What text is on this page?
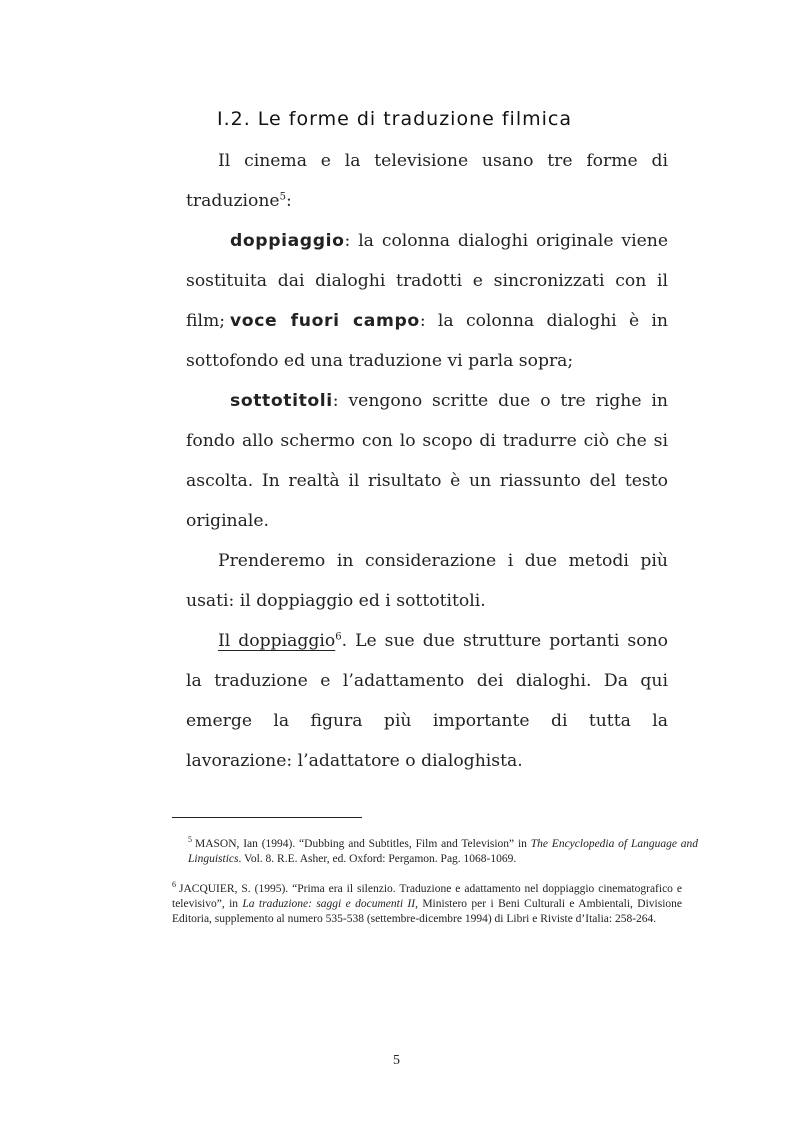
I.2. Le forme di traduzione filmica

Il cinema e la televisione usano tre forme di traduzione$^5$:

doppiaggio: la colonna dialoghi originale viene sostituita dai dialoghi tradotti e sincronizzati con il film; voce fuori campo: la colonna dialoghi è in sottofondo ed una traduzione vi parla sopra;

sottotitoli: vengono scritte due o tre righe in fondo allo schermo con lo scopo di tradurre ciò che si ascolta. In realtà il risultato è un riassunto del testo originale.

Prenderemo in considerazione i due metodi più usati: il doppiaggio ed i sottotitoli.

Il doppiaggio$^6$. Le sue due strutture portanti sono la traduzione e l’adattamento dei dialoghi. Da qui emerge la figura più importante di tutta la lavorazione: l’adattatore o dialoghista.

$^5$ MASON, Ian (1994). “Dubbing and Subtitles, Film and Television” in The Encyclopedia of Language and Linguistics. Vol. 8. R.E. Asher, ed. Oxford: Pergamon. Pag. 1068-1069.

$^6$ JACQUIER, S. (1995). “Prima era il silenzio. Traduzione e adattamento nel doppiaggio cinematografico e televisivo”, in La traduzione: saggi e documenti II, Ministero per i Beni Culturali e Ambientali, Divisione Editoria, supplemento al numero 535-538 (settembre-dicembre 1994) di Libri e Riviste d’Italia: 258-264.

5
